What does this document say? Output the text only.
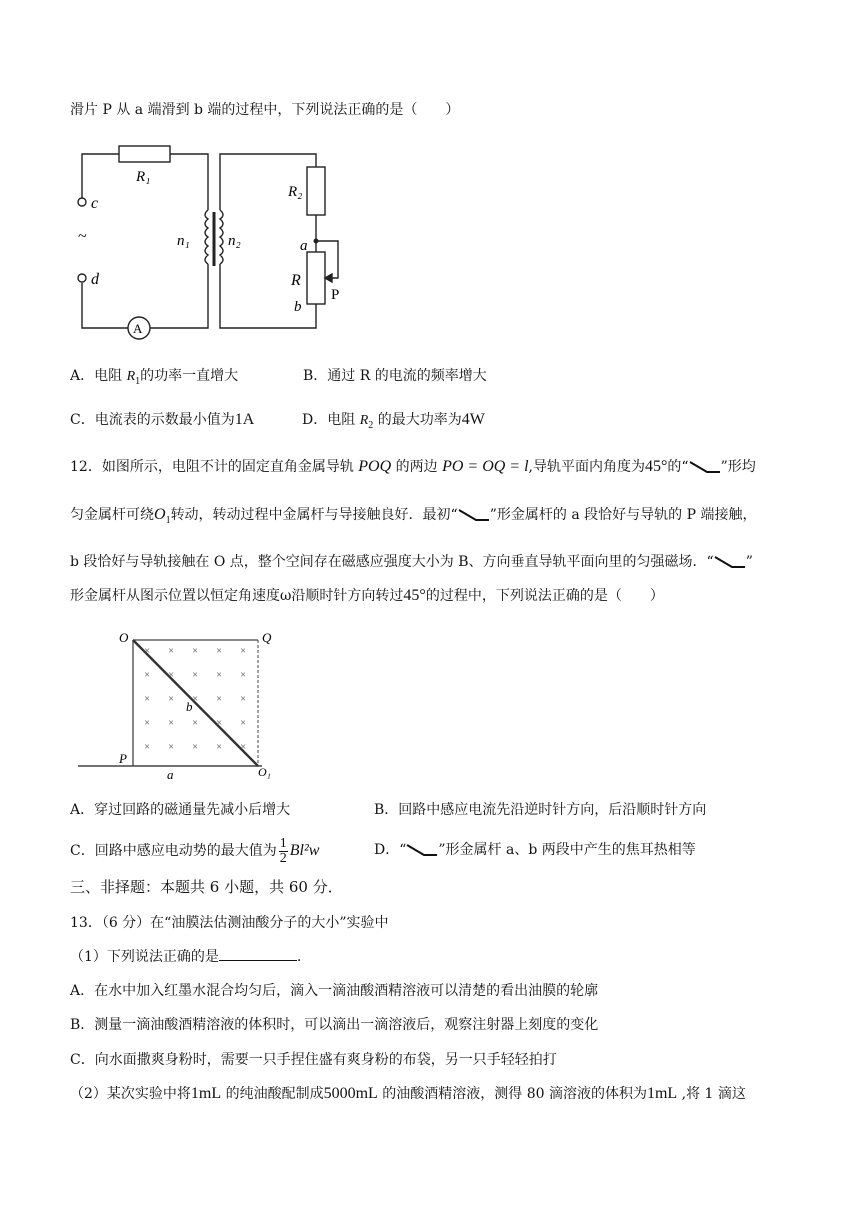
滑片 P 从 a 端滑到 b 端的过程中，下列说法正确的是（　　）
R₁
c
~
d
n₁	n₂
R₂
a
R
b
P
A
A．电阻 $R_1$的功率一直增大	B．通过 R 的电流的频率增大
C．电流表的示数最小值为1A	D．电阻 $R_2$ 的最大功率为4W
12．如图所示，电阻不计的固定直角金属导轨 POQ 的两边 PO = OQ = l,导轨平面内角度为45°的“ ”形均
匀金属杆可绕$O_1$转动，转动过程中金属杆与导接触良好．最初“ ”形金属杆的 a 段恰好与导轨的 P 端接触，
b 段恰好与导轨接触在 O 点，整个空间存在磁感应强度大小为 B、方向垂直导轨平面向里的匀强磁场．“ ”
形金属杆从图示位置以恒定角速度ω沿顺时针方向转过45°的过程中，下列说法正确的是（　　）
× × × × ×
× × × × ×
× × × × ×
× × × × ×
× × × × ×
O	Q
P
a
b
O₁
A．穿过回路的磁通量先减小后增大	B．回路中感应电流先沿逆时针方向，后沿顺时针方向
C．回路中感应电动势的最大值为 $\frac{1}{2} Bl^2w$	D．“ ”形金属杆 a、b 两段中产生的焦耳热相等
三、非择题：本题共 6 小题，共 60 分．
13．（6 分）在“油膜法估测油酸分子的大小”实验中
（1）下列说法正确的是	.
A．在水中加入红墨水混合均匀后，滴入一滴油酸酒精溶液可以清楚的看出油膜的轮廓
B．测量一滴油酸酒精溶液的体积时，可以滴出一滴溶液后，观察注射器上刻度的变化
C．向水面撒爽身粉时，需要一只手捏住盛有爽身粉的布袋，另一只手轻轻拍打
（2）某次实验中将1mL 的纯油酸配制成5000mL 的油酸酒精溶液，测得 80 滴溶液的体积为1mL ,将 1 滴这
